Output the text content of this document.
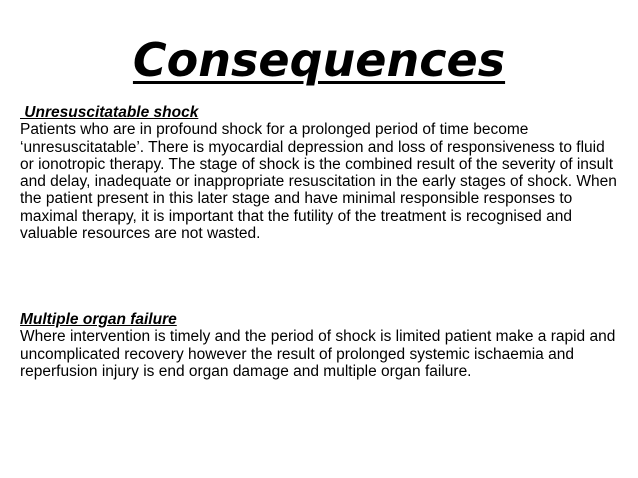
Consequences

Unresuscitatable shock

Patients who are in profound shock for a prolonged period of time become ‘unresuscitatable’. There is myocardial depression and loss of responsiveness to fluid or ionotropic therapy. The stage of shock is the combined result of the severity of insult and delay, inadequate or inappropriate resuscitation in the early stages of shock. When the patient present in this later stage and have minimal responsible responses to maximal therapy, it is important that the futility of the treatment is recognised and valuable resources are not wasted.

Multiple organ failure

Where intervention is timely and the period of shock is limited patient make a rapid and uncomplicated recovery however the result of prolonged systemic ischaemia and reperfusion injury is end organ damage and multiple organ failure.
